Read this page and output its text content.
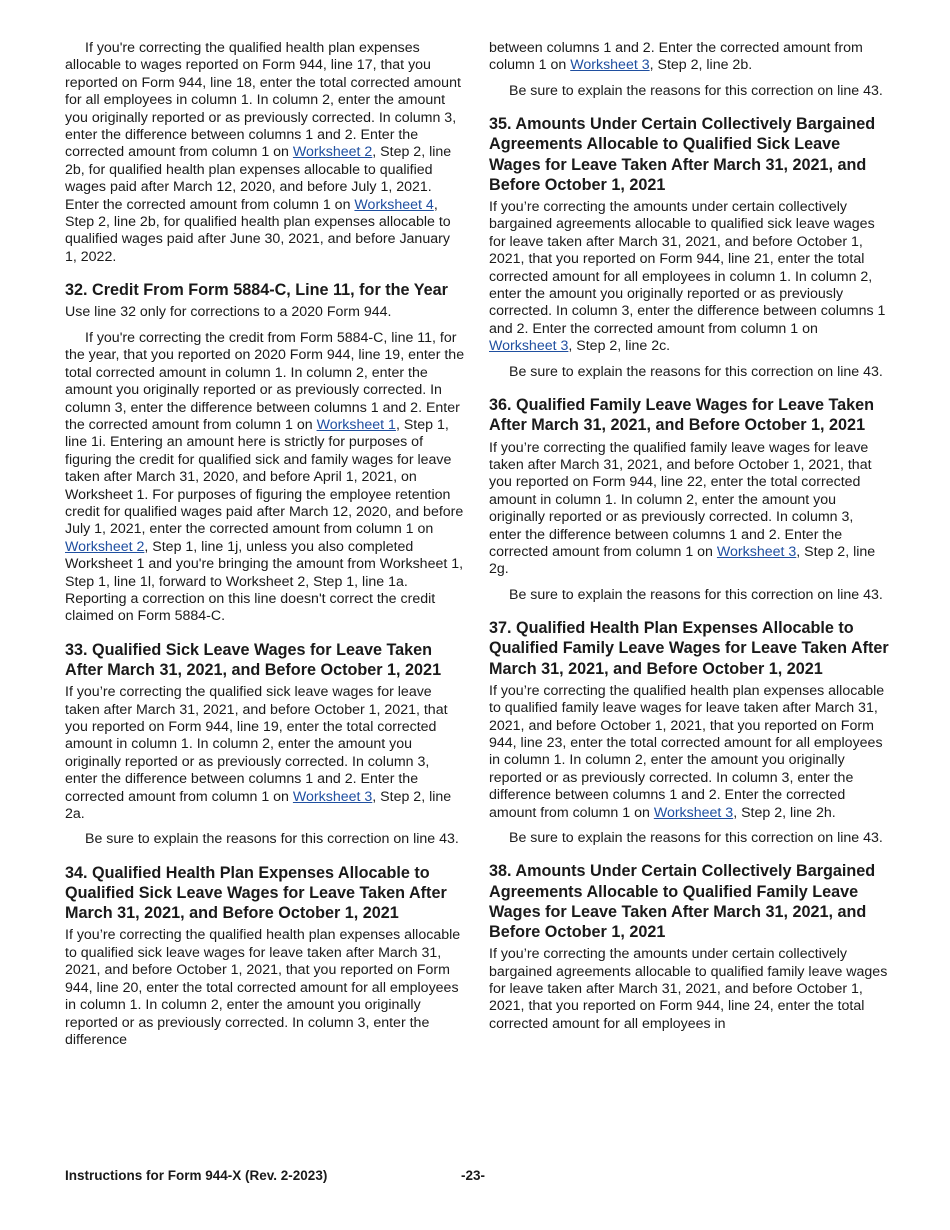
If you're correcting the qualified health plan expenses allocable to wages reported on Form 944, line 17, that you reported on Form 944, line 18, enter the total corrected amount for all employees in column 1. In column 2, enter the amount you originally reported or as previously corrected. In column 3, enter the difference between columns 1 and 2. Enter the corrected amount from column 1 on Worksheet 2, Step 2, line 2b, for qualified health plan expenses allocable to qualified wages paid after March 12, 2020, and before July 1, 2021. Enter the corrected amount from column 1 on Worksheet 4, Step 2, line 2b, for qualified health plan expenses allocable to qualified wages paid after June 30, 2021, and before January 1, 2022.

32. Credit From Form 5884-C, Line 11, for the Year

Use line 32 only for corrections to a 2020 Form 944.

If you're correcting the credit from Form 5884-C, line 11, for the year, that you reported on 2020 Form 944, line 19, enter the total corrected amount in column 1. In column 2, enter the amount you originally reported or as previously corrected. In column 3, enter the difference between columns 1 and 2. Enter the corrected amount from column 1 on Worksheet 1, Step 1, line 1i. Entering an amount here is strictly for purposes of figuring the credit for qualified sick and family wages for leave taken after March 31, 2020, and before April 1, 2021, on Worksheet 1. For purposes of figuring the employee retention credit for qualified wages paid after March 12, 2020, and before July 1, 2021, enter the corrected amount from column 1 on Worksheet 2, Step 1, line 1j, unless you also completed Worksheet 1 and you're bringing the amount from Worksheet 1, Step 1, line 1l, forward to Worksheet 2, Step 1, line 1a. Reporting a correction on this line doesn't correct the credit claimed on Form 5884-C.

33. Qualified Sick Leave Wages for Leave Taken After March 31, 2021, and Before October 1, 2021

If you’re correcting the qualified sick leave wages for leave taken after March 31, 2021, and before October 1, 2021, that you reported on Form 944, line 19, enter the total corrected amount in column 1. In column 2, enter the amount you originally reported or as previously corrected. In column 3, enter the difference between columns 1 and 2. Enter the corrected amount from column 1 on Worksheet 3, Step 2, line 2a.

Be sure to explain the reasons for this correction on line 43.

34. Qualified Health Plan Expenses Allocable to Qualified Sick Leave Wages for Leave Taken After March 31, 2021, and Before October 1, 2021

If you’re correcting the qualified health plan expenses allocable to qualified sick leave wages for leave taken after March 31, 2021, and before October 1, 2021, that you reported on Form 944, line 20, enter the total corrected amount for all employees in column 1. In column 2, enter the amount you originally reported or as previously corrected. In column 3, enter the difference

between columns 1 and 2. Enter the corrected amount from column 1 on Worksheet 3, Step 2, line 2b.

Be sure to explain the reasons for this correction on line 43.

35. Amounts Under Certain Collectively Bargained Agreements Allocable to Qualified Sick Leave Wages for Leave Taken After March 31, 2021, and Before October 1, 2021

If you’re correcting the amounts under certain collectively bargained agreements allocable to qualified sick leave wages for leave taken after March 31, 2021, and before October 1, 2021, that you reported on Form 944, line 21, enter the total corrected amount for all employees in column 1. In column 2, enter the amount you originally reported or as previously corrected. In column 3, enter the difference between columns 1 and 2. Enter the corrected amount from column 1 on Worksheet 3, Step 2, line 2c.

Be sure to explain the reasons for this correction on line 43.

36. Qualified Family Leave Wages for Leave Taken After March 31, 2021, and Before October 1, 2021

If you’re correcting the qualified family leave wages for leave taken after March 31, 2021, and before October 1, 2021, that you reported on Form 944, line 22, enter the total corrected amount in column 1. In column 2, enter the amount you originally reported or as previously corrected. In column 3, enter the difference between columns 1 and 2. Enter the corrected amount from column 1 on Worksheet 3, Step 2, line 2g.

Be sure to explain the reasons for this correction on line 43.

37. Qualified Health Plan Expenses Allocable to Qualified Family Leave Wages for Leave Taken After March 31, 2021, and Before October 1, 2021

If you’re correcting the qualified health plan expenses allocable to qualified family leave wages for leave taken after March 31, 2021, and before October 1, 2021, that you reported on Form 944, line 23, enter the total corrected amount for all employees in column 1. In column 2, enter the amount you originally reported or as previously corrected. In column 3, enter the difference between columns 1 and 2. Enter the corrected amount from column 1 on Worksheet 3, Step 2, line 2h.

Be sure to explain the reasons for this correction on line 43.

38. Amounts Under Certain Collectively Bargained Agreements Allocable to Qualified Family Leave Wages for Leave Taken After March 31, 2021, and Before October 1, 2021

If you’re correcting the amounts under certain collectively bargained agreements allocable to qualified family leave wages for leave taken after March 31, 2021, and before October 1, 2021, that you reported on Form 944, line 24, enter the total corrected amount for all employees in

Instructions for Form 944-X (Rev. 2-2023)	-23-
